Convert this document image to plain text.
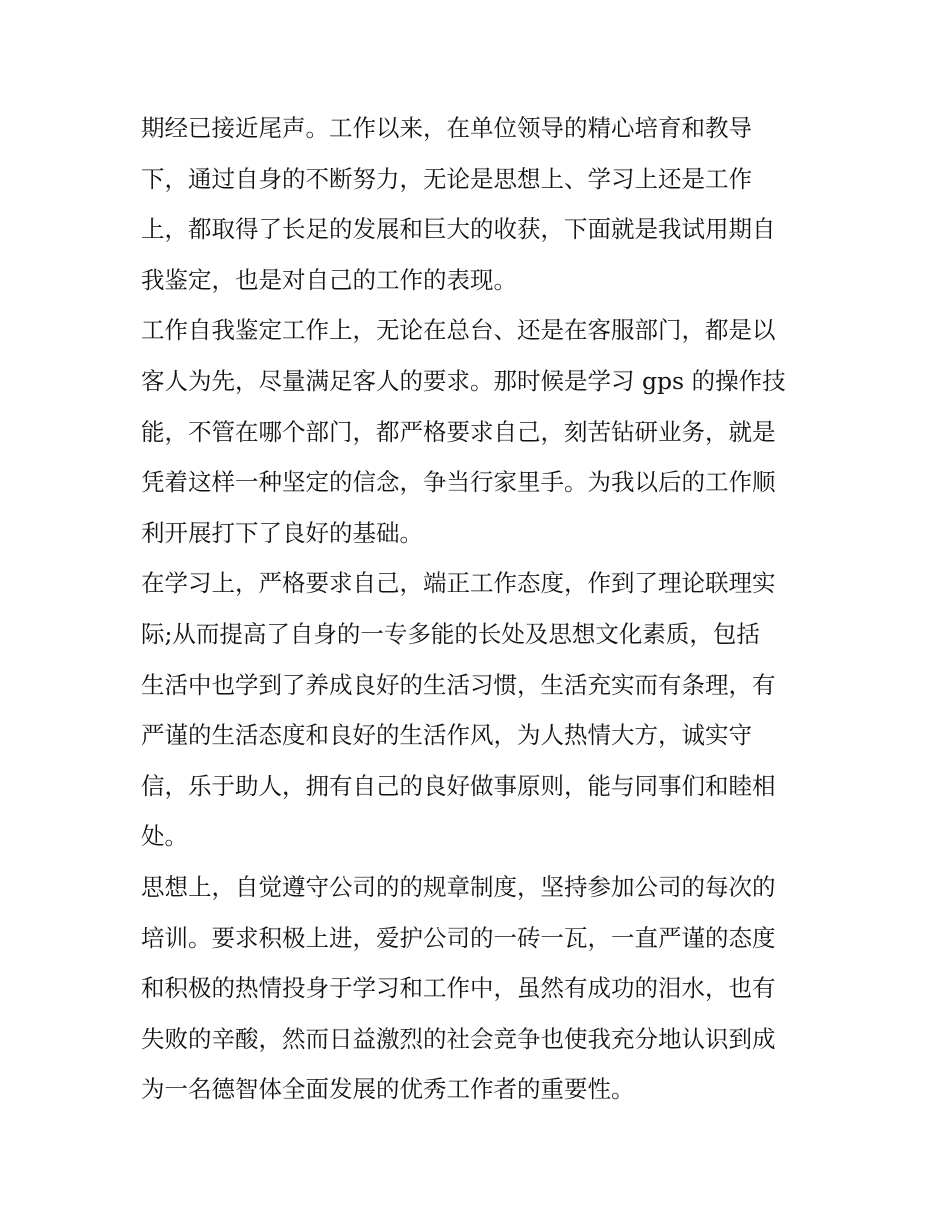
期经已接近尾声。工作以来，在单位领导的精心培育和教导
下，通过自身的不断努力，无论是思想上、学习上还是工作
上，都取得了长足的发展和巨大的收获，下面就是我试用期自
我鉴定，也是对自己的工作的表现。
工作自我鉴定工作上，无论在总台、还是在客服部门，都是以
客人为先，尽量满足客人的要求。那时候是学习 gps 的操作技
能，不管在哪个部门，都严格要求自己，刻苦钻研业务，就是
凭着这样一种坚定的信念，争当行家里手。为我以后的工作顺
利开展打下了良好的基础。
在学习上，严格要求自己，端正工作态度，作到了理论联理实
际;从而提高了自身的一专多能的长处及思想文化素质，包括
生活中也学到了养成良好的生活习惯，生活充实而有条理，有
严谨的生活态度和良好的生活作风，为人热情大方，诚实守
信，乐于助人，拥有自己的良好做事原则，能与同事们和睦相
处。
思想上，自觉遵守公司的的规章制度，坚持参加公司的每次的
培训。要求积极上进，爱护公司的一砖一瓦，一直严谨的态度
和积极的热情投身于学习和工作中，虽然有成功的泪水，也有
失败的辛酸，然而日益激烈的社会竞争也使我充分地认识到成
为一名德智体全面发展的优秀工作者的重要性。
